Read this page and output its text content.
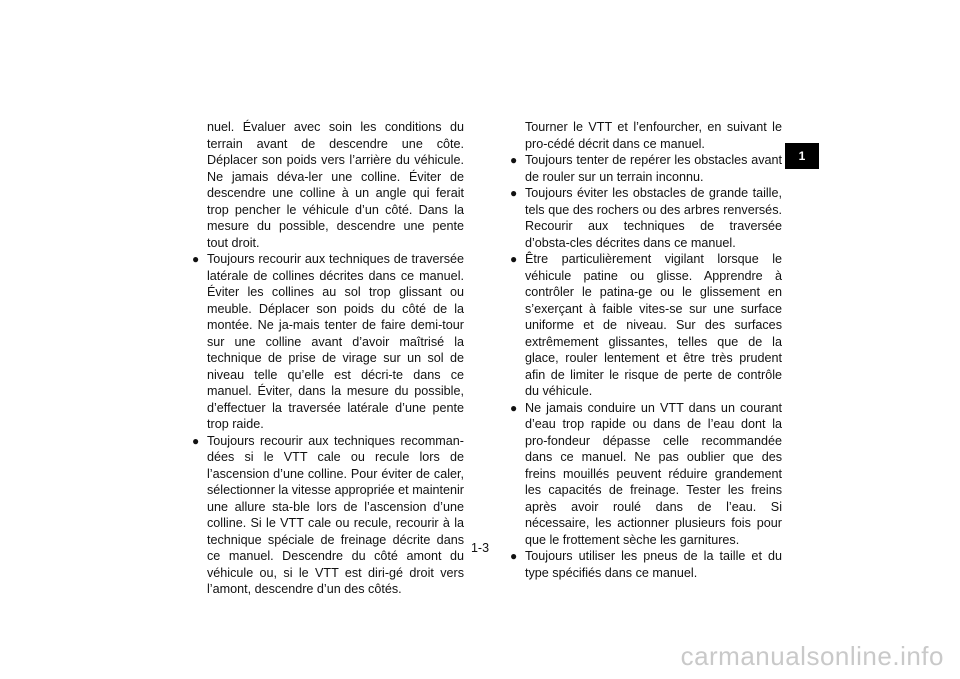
nuel. Évaluer avec soin les conditions du terrain avant de descendre une côte. Déplacer son poids vers l’arrière du véhicule. Ne jamais déva-ler une colline. Éviter de descendre une colline à un angle qui ferait trop pencher le véhicule d’un côté. Dans la mesure du possible, descendre une pente tout droit.

● Toujours recourir aux techniques de traversée latérale de collines décrites dans ce manuel. Éviter les collines au sol trop glissant ou meuble. Déplacer son poids du côté de la montée. Ne ja-mais tenter de faire demi-tour sur une colline avant d’avoir maîtrisé la technique de prise de virage sur un sol de niveau telle qu’elle est décri-te dans ce manuel. Éviter, dans la mesure du possible, d’effectuer la traversée latérale d’une pente trop raide.
● Toujours recourir aux techniques recomman-dées si le VTT cale ou recule lors de l’ascension d’une colline. Pour éviter de caler, sélectionner la vitesse appropriée et maintenir une allure sta-ble lors de l’ascension d’une colline. Si le VTT cale ou recule, recourir à la technique spéciale de freinage décrite dans ce manuel. Descendre du côté amont du véhicule ou, si le VTT est diri-gé droit vers l’amont, descendre d’un des côtés.

Tourner le VTT et l’enfourcher, en suivant le pro-cédé décrit dans ce manuel.

● Toujours tenter de repérer les obstacles avant de rouler sur un terrain inconnu.
● Toujours éviter les obstacles de grande taille, tels que des rochers ou des arbres renversés. Recourir aux techniques de traversée d’obsta-cles décrites dans ce manuel.
● Être particulièrement vigilant lorsque le véhicule patine ou glisse. Apprendre à contrôler le patina-ge ou le glissement en s’exerçant à faible vites-se sur une surface uniforme et de niveau. Sur des surfaces extrêmement glissantes, telles que de la glace, rouler lentement et être très prudent afin de limiter le risque de perte de contrôle du véhicule.
● Ne jamais conduire un VTT dans un courant d’eau trop rapide ou dans de l’eau dont la pro-fondeur dépasse celle recommandée dans ce manuel. Ne pas oublier que des freins mouillés peuvent réduire grandement les capacités de freinage. Tester les freins après avoir roulé dans de l’eau. Si nécessaire, les actionner plusieurs fois pour que le frottement sèche les garnitures.
● Toujours utiliser les pneus de la taille et du type spécifiés dans ce manuel.
1
1-3
carmanualsonline.info
